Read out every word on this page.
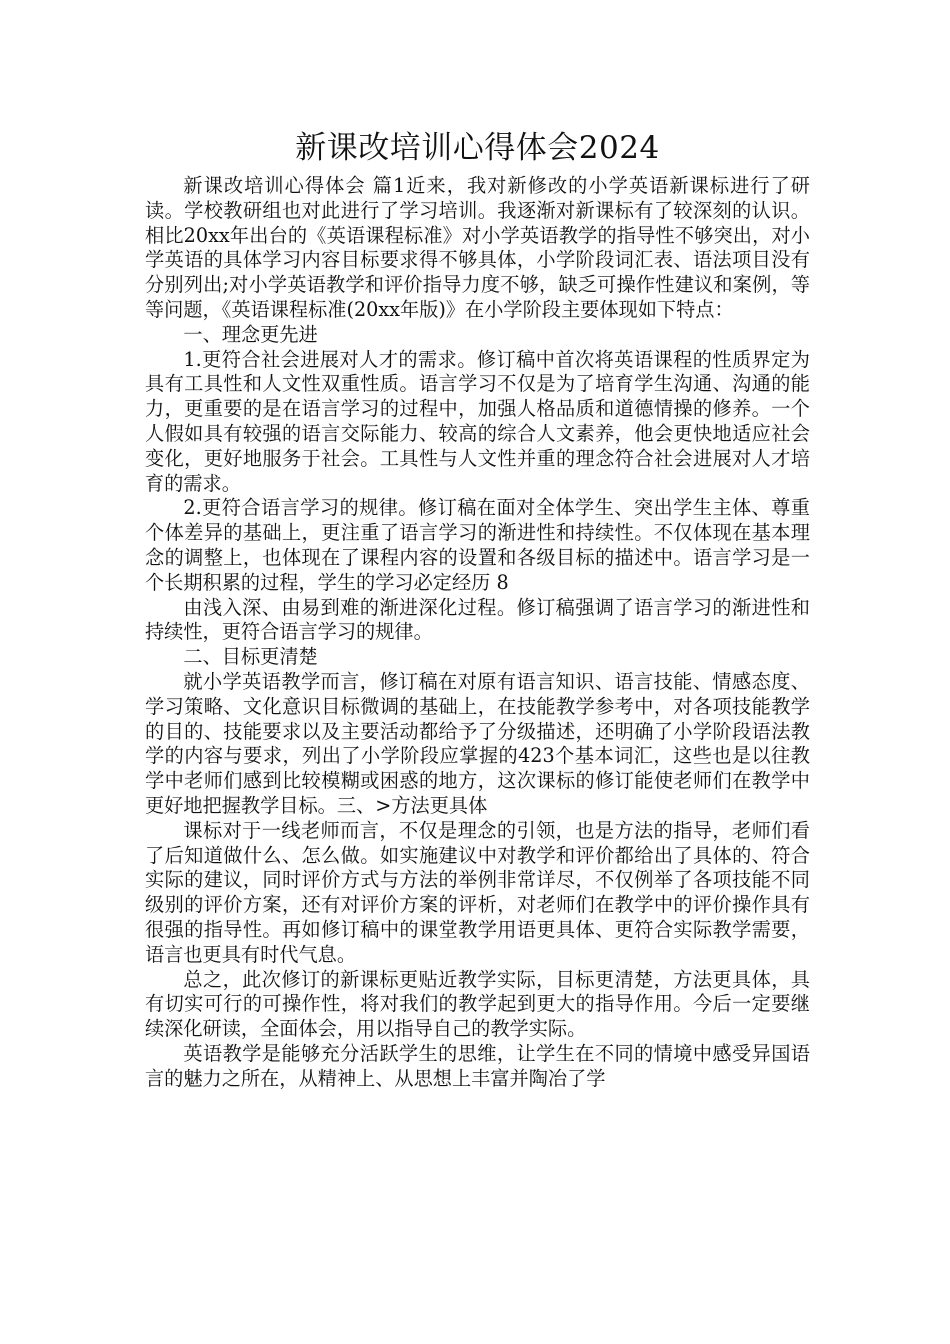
新课改培训心得体会2024

新课改培训心得体会 篇1近来，我对新修改的小学英语新课标进行了研读。学校教研组也对此进行了学习培训。我逐渐对新课标有了较深刻的认识。相比20xx年出台的《英语课程标准》对小学英语教学的指导性不够突出，对小学英语的具体学习内容目标要求得不够具体，小学阶段词汇表、语法项目没有分别列出;对小学英语教学和评价指导力度不够，缺乏可操作性建议和案例，等等问题，《英语课程标准(20xx年版)》在小学阶段主要体现如下特点：

一、理念更先进

1.更符合社会进展对人才的需求。修订稿中首次将英语课程的性质界定为具有工具性和人文性双重性质。语言学习不仅是为了培育学生沟通、沟通的能力，更重要的是在语言学习的过程中，加强人格品质和道德情操的修养。一个人假如具有较强的语言交际能力、较高的综合人文素养，他会更快地适应社会变化，更好地服务于社会。工具性与人文性并重的理念符合社会进展对人才培育的需求。

2.更符合语言学习的规律。修订稿在面对全体学生、突出学生主体、尊重个体差异的基础上，更注重了语言学习的渐进性和持续性。不仅体现在基本理念的调整上，也体现在了课程内容的设置和各级目标的描述中。语言学习是一个长期积累的过程，学生的学习必定经历 8

由浅入深、由易到难的渐进深化过程。修订稿强调了语言学习的渐进性和持续性，更符合语言学习的规律。

二、目标更清楚

就小学英语教学而言，修订稿在对原有语言知识、语言技能、情感态度、学习策略、文化意识目标微调的基础上，在技能教学参考中，对各项技能教学的目的、技能要求以及主要活动都给予了分级描述，还明确了小学阶段语法教学的内容与要求，列出了小学阶段应掌握的423个基本词汇，这些也是以往教学中老师们感到比较模糊或困惑的地方，这次课标的修订能使老师们在教学中更好地把握教学目标。三、>方法更具体

课标对于一线老师而言，不仅是理念的引领，也是方法的指导，老师们看了后知道做什么、怎么做。如实施建议中对教学和评价都给出了具体的、符合实际的建议，同时评价方式与方法的举例非常详尽，不仅例举了各项技能不同级别的评价方案，还有对评价方案的评析，对老师们在教学中的评价操作具有很强的指导性。再如修订稿中的课堂教学用语更具体、更符合实际教学需要，语言也更具有时代气息。

总之，此次修订的新课标更贴近教学实际，目标更清楚，方法更具体，具有切实可行的可操作性，将对我们的教学起到更大的指导作用。今后一定要继续深化研读，全面体会，用以指导自己的教学实际。

英语教学是能够充分活跃学生的思维，让学生在不同的情境中感受异国语言的魅力之所在，从精神上、从思想上丰富并陶冶了学
